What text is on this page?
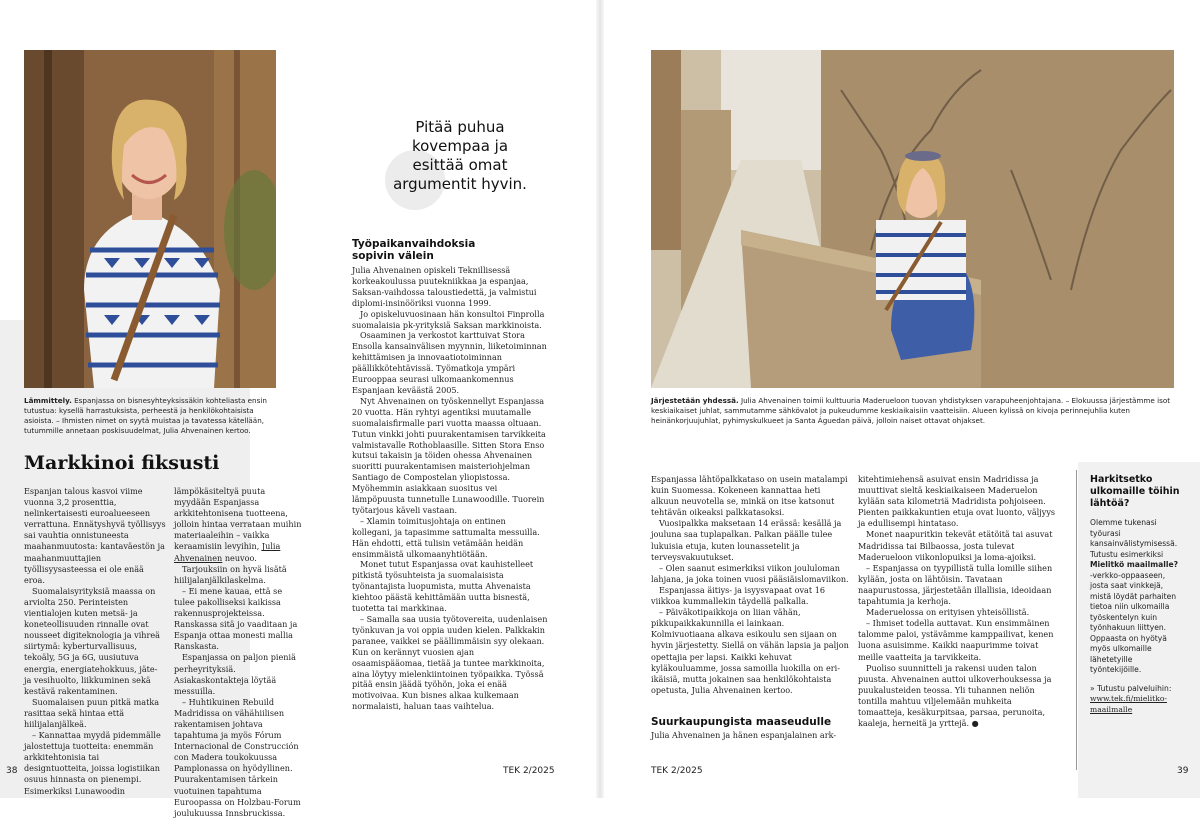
Lämmittely. Espanjassa on bisnesyhteyksissäkin kohteliasta ensin tutustua: kysellä harrastuksista, perheestä ja henkilökohtaisista asioista. – Ihmisten nimet on syytä muistaa ja tavatessa kätellään, tutummille annetaan poskisuudelmat, Julia Ahvenainen kertoo.
Markkinoi fiksusti

Espanjan talous kasvoi viime vuonna 3,2 prosenttia, nelinkertaisesti euroalueeseen verrattuna. Ennätyshyvä työllisyys sai vauhtia onnistuneesta maahanmuutosta: kantaväestön ja maahanmuuttajien työllisyysasteessa ei ole enää eroa.

Suomalaisyrityksiä maassa on arviolta 250. Perinteisten vientialojen kuten metsä- ja koneteollisuuden rinnalle ovat nousseet digiteknologia ja vihreä siirtymä: kyberturvallisuus, tekoäly, 5G ja 6G, uusiutuva energia, energiatehokkuus, jäte- ja vesihuolto, liikkuminen sekä kestävä rakentaminen.

Suomalaisen puun pitkä matka rasittaa sekä hintaa että hiilijalanjälkeä.

– Kannattaa myydä pidemmälle jalostettuja tuotteita: enemmän arkkitehtonisia tai designtuotteita, joissa logistiikan osuus hinnasta on pienempi. Esimerkiksi Lunawoodin

lämpökäsiteltyä puuta myydään Espanjassa arkkitehtonisena tuotteena, jolloin hintaa verrataan muihin materiaaleihin – vaikka keraamisiin levyihin, Julia Ahvenainen neuvoo.

Tarjouksiin on hyvä lisätä hiilijalanjälkilaskelma.

– Ei mene kauaa, että se tulee pakolliseksi kaikissa rakennusprojekteissa. Ranskassa sitä jo vaaditaan ja Espanja ottaa monesti mallia Ranskasta.

Espanjassa on paljon pieniä perheyrityksiä. Asiakaskontakteja löytää messuilla.

– Huhtikuinen Rebuild Madridissa on vähähiilisen rakentamisen johtava tapahtuma ja myös Fórum Internacional de Construcción con Madera toukokuussa Pamplonassa on hyödyllinen. Puurakentamisen tärkein vuotuinen tapahtuma Euroopassa on Holzbau-Forum joulukuussa Innsbruckissa.

Pitää puhua
kovempaa ja
esittää omat
argumentit hyvin.
Työpaikanvaihdoksia
sopivin välein

Julia Ahvenainen opiskeli Teknillisessä korkeakoulussa puutekniikkaa ja espanjaa, Saksan-vaihdossa taloustiedettä, ja valmistui diplomi-insinööriksi vuonna 1999.

Jo opiskeluvuosinaan hän konsultoi Finprolla suomalaisia pk-yrityksiä Saksan markkinoista.

Osaaminen ja verkostot karttuivat Stora Ensolla kansainvälisen myynnin, liiketoiminnan kehittämisen ja innovaatiotoiminnan päällikkötehtävissä. Työmatkoja ympäri Eurooppaa seurasi ulkomaankomennus Espanjaan keväästä 2005.

Nyt Ahvenainen on työskennellyt Espanjassa 20 vuotta. Hän ryhtyi agentiksi muutamalle suomalaisfirmalle pari vuotta maassa oltuaan. Tutun vinkki johti puurakentamisen tarvikkeita valmistavalle Rothoblaasille. Sitten Stora Enso kutsui takaisin ja töiden ohessa Ahvenainen suoritti puurakentamisen maisteriohjelman Santiago de Compostelan yliopistossa. Myöhemmin asiakkaan suositus vei lämpöpuusta tunnetulle Lunawoodille. Tuorein työtarjous käveli vastaan.

– Xlamin toimitusjohtaja on entinen kollegani, ja tapasimme sattumalta messuilla. Hän ehdotti, että tulisin vetämään heidän ensimmäistä ulkomaanyhtiötään.

Monet tutut Espanjassa ovat kauhistelleet pitkistä työsuhteista ja suomalaisista työnantajista luopumista, mutta Ahvenaista kiehtoo päästä kehittämään uutta bisnestä, tuotetta tai markkinaa.

– Samalla saa uusia työtovereita, uudenlaisen työnkuvan ja voi oppia uuden kielen. Palkkakin paranee, vaikkei se päällimmäisin syy olekaan. Kun on kerännyt vuosien ajan osaamispääomaa, tietää ja tuntee markkinoita, aina löytyy mielenkiintoinen työpaikka. Työssä pitää ensin jäädä työhön, joka ei enää motivoivaa. Kun bisnes alkaa kulkemaan normalaisti, haluan taas vaihtelua.

38	TEK 2/2025
Järjestetään yhdessä. Julia Ahvenainen toimii kulttuuria Maderueloon tuovan yhdistyksen varapuheenjohtajana. – Elokuussa järjestämme isot keskiaikaiset juhlat, sammutamme sähkövalot ja pukeudumme keskiaikaisiin vaatteisiin. Alueen kylissä on kivoja perinnejuhlia kuten heinänkorjuujuhlat, pyhimyskulkueet ja Santa Águedan päivä, jolloin naiset ottavat ohjakset.

Espanjassa lähtöpalkkataso on usein matalampi kuin Suomessa. Kokeneen kannattaa heti alkuun neuvotella se, minkä on itse katsonut tehtävän oikeaksi palkkatasoksi.

Vuosipalkka maksetaan 14 erässä: kesällä ja jouluna saa tuplapalkan. Palkan päälle tulee lukuisia etuja, kuten lounassetelit ja terveysvakuutukset.

– Olen saanut esimerkiksi viikon joululoman lahjana, ja joka toinen vuosi pääsiäislomaviikon.

Espanjassa äitiys- ja isyysvapaat ovat 16 viikkoa kummallekin täydellä palkalla.

– Päiväkotipaikkoja on liian vähän, pikkupaikkakunnilla ei lainkaan. Kolmivuotiaana alkava esikoulu sen sijaan on hyvin järjestetty. Siellä on vähän lapsia ja paljon opettajia per lapsi. Kaikki kehuvat kyläkouluamme, jossa samoilla luokilla on eri-ikäisiä, mutta jokainen saa henkilökohtaista opetusta, Julia Ahvenainen kertoo.

Suurkaupungista maaseudulle

Julia Ahvenainen ja hänen espanjalainen ark-

kitehtimiehensä asuivat ensin Madridissa ja muuttivat sieltä keskiaikaiseen Maderuelon kylään sata kilometriä Madridista pohjoiseen. Pienten paikkakuntien etuja ovat luonto, väljyys ja edullisempi hintataso.

Monet naapuritkin tekevät etätöitä tai asuvat Madridissa tai Bilbaossa, josta tulevat Maderueloon viikonlopuiksi ja loma-ajoiksi.

– Espanjassa on tyypillistä tulla lomille siihen kylään, josta on lähtöisin. Tavataan naapurustossa, järjestetään illallisia, ideoidaan tapahtumia ja kerhoja.

Maderuelossa on erityisen yhteisöllistä.

– Ihmiset todella auttavat. Kun ensimmäinen talomme paloi, ystävämme kamppailivat, kenen luona asuisimme. Kaikki naapurimme toivat meille vaatteita ja tarvikkeita.

Puoliso suunnitteli ja rakensi uuden talon puusta. Ahvenainen auttoi ulkoverhouksessa ja puukalusteiden teossa. Yli tuhannen neliön tontilla mahtuu viljelemään muhkeita tomaatteja, kesäkurpitsaa, parsaa, perunoita, kaaleja, herneitä ja yrttejä. ●

Harkitsetko ulkomaille töihin lähtöä?
Olemme tukenasi työurasi kansainvälistymisessä. Tutustu esimerkiksi Mielitkö maailmalle? -verkko-oppaaseen, josta saat vinkkejä, mistä löydät parhaiten tietoa niin ulkomailla työskentelyn kuin työnhakuun liittyen. Oppaasta on hyötyä myös ulkomaille lähetetyille työntekijöille.
» Tutustu palveluihin:
www.tek.fi/mielitko-maailmalle
TEK 2/2025	39
